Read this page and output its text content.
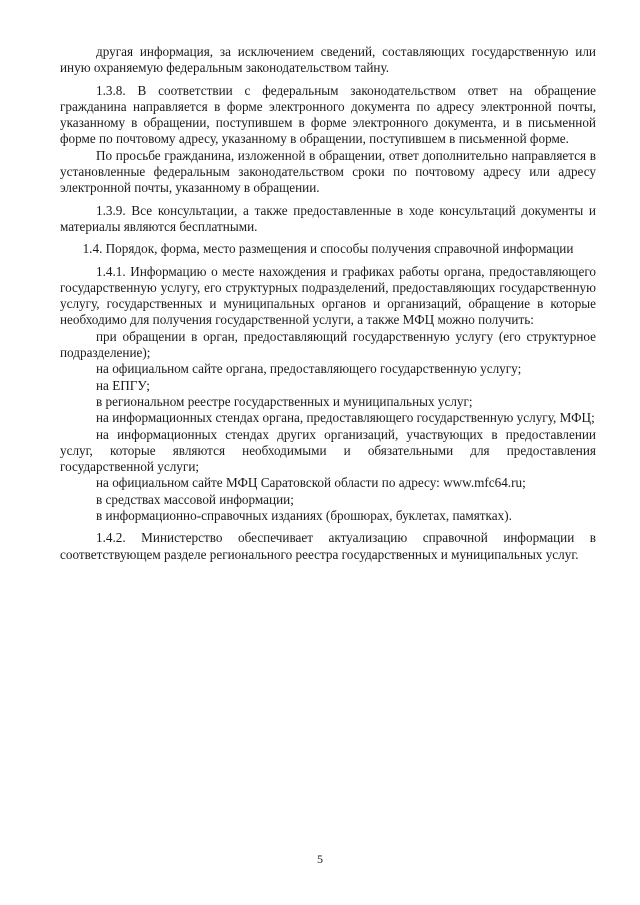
другая информация, за исключением сведений, составляющих государственную или иную охраняемую федеральным законодательством тайну.

1.3.8. В соответствии с федеральным законодательством ответ на обращение гражданина направляется в форме электронного документа по адресу электронной почты, указанному в обращении, поступившем в форме электронного документа, и в письменной форме по почтовому адресу, указанному в обращении, поступившем в письменной форме.

По просьбе гражданина, изложенной в обращении, ответ дополнительно направляется в установленные федеральным законодательством сроки по почтовому адресу или адресу электронной почты, указанному в обращении.

1.3.9. Все консультации, а также предоставленные в ходе консультаций документы и материалы являются бесплатными.

1.4. Порядок, форма, место размещения и способы получения справочной информации

1.4.1. Информацию о месте нахождения и графиках работы органа, предоставляющего государственную услугу, его структурных подразделений, предоставляющих государственную услугу, государственных и муниципальных органов и организаций, обращение в которые необходимо для получения государственной услуги, а также МФЦ можно получить:

при обращении в орган, предоставляющий государственную услугу (его структурное подразделение);

на официальном сайте органа, предоставляющего государственную услугу;

на ЕПГУ;

в региональном реестре государственных и муниципальных услуг;

на информационных стендах органа, предоставляющего государственную услугу, МФЦ;

на информационных стендах других организаций, участвующих в предоставлении услуг, которые являются необходимыми и обязательными для предоставления государственной услуги;

на официальном сайте МФЦ Саратовской области по адресу: www.mfc64.ru;

в средствах массовой информации;

в информационно-справочных изданиях (брошюрах, буклетах, памятках).

1.4.2. Министерство обеспечивает актуализацию справочной информации в соответствующем разделе регионального реестра государственных и муниципальных услуг.

5
